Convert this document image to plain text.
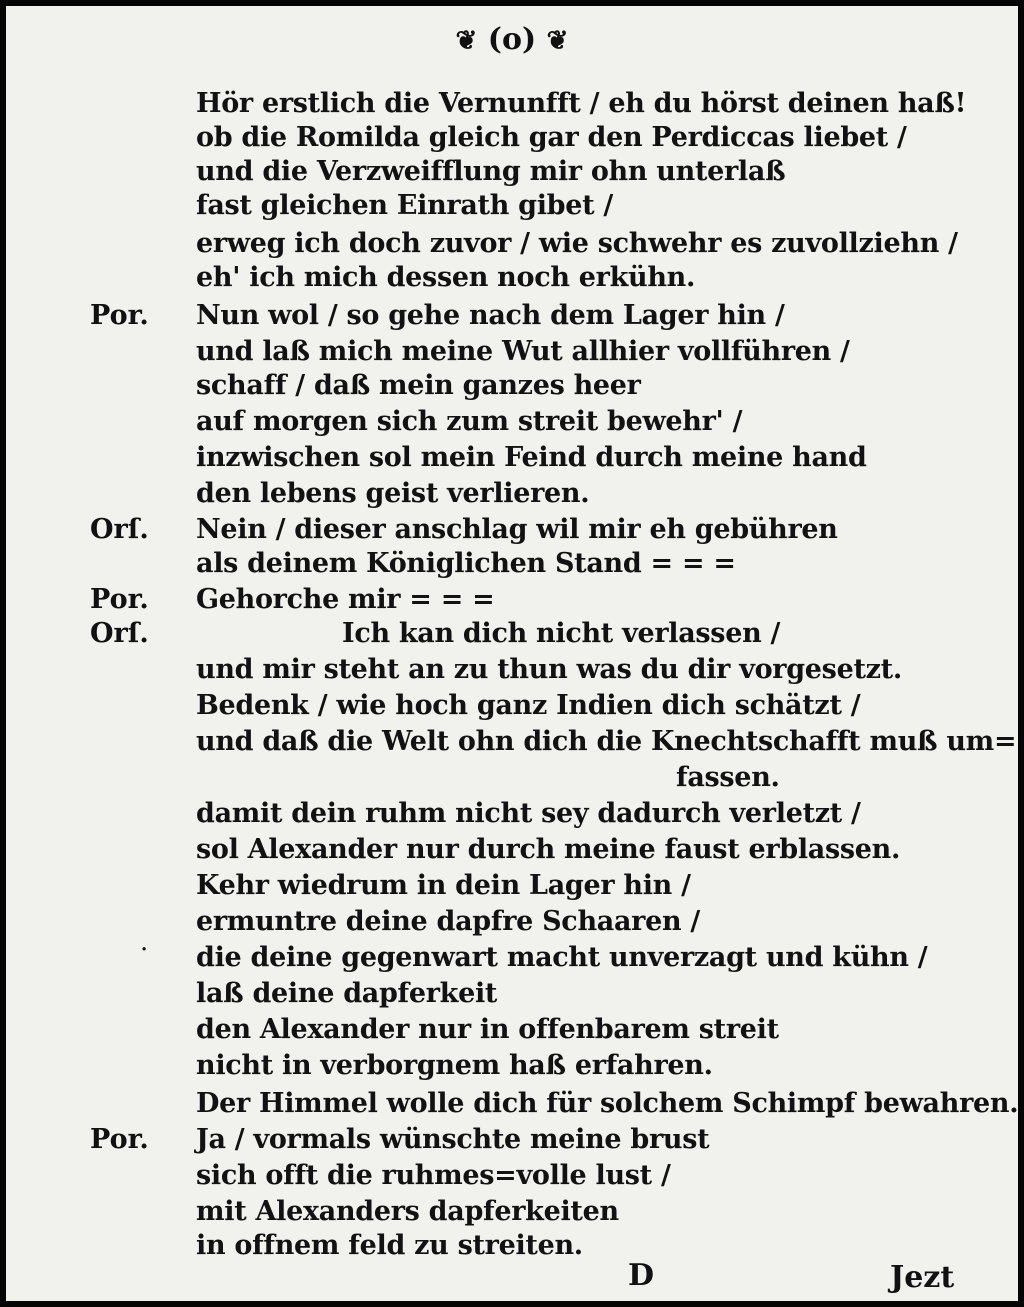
❦ (o) ❦
Hör erstlich die Vernunfft / eh du hörst deinen haß!
ob die Romilda gleich gar den Perdiccas liebet /
und die Verzweifflung mir ohn unterlaß
fast gleichen Einrath gibet /
erweg ich doch zuvor / wie schwehr es zuvollziehn /
eh' ich mich dessen noch erkühn.
Por.	Nun wol / so gehe nach dem Lager hin /
und laß mich meine Wut allhier vollführen /
schaff / daß mein ganzes heer
auf morgen sich zum streit bewehr' /
inzwischen sol mein Feind durch meine hand
den lebens geist verlieren.
Orſ.	Nein / dieser anschlag wil mir eh gebühren
als deinem Königlichen Stand = = =
Por.	Gehorche mir = = =
Orſ.	Ich kan dich nicht verlassen /
und mir steht an zu thun was du dir vorgesetzt.
Bedenk / wie hoch ganz Indien dich schätzt /
und daß die Welt ohn dich die Knechtschafft muß um=
fassen.
damit dein ruhm nicht sey dadurch verletzt /
sol Alexander nur durch meine faust erblassen.
Kehr wiedrum in dein Lager hin /
ermuntre deine dapfre Schaaren /
die deine gegenwart macht unverzagt und kühn /
laß deine dapferkeit
den Alexander nur in offenbarem streit
nicht in verborgnem haß erfahren.
Der Himmel wolle dich für solchem Schimpf bewahren.
Por.	Ja / vormals wünschte meine brust
sich offt die ruhmes=volle lust /
mit Alexanders dapferkeiten
in offnem feld zu streiten.
·
D	Jezt
